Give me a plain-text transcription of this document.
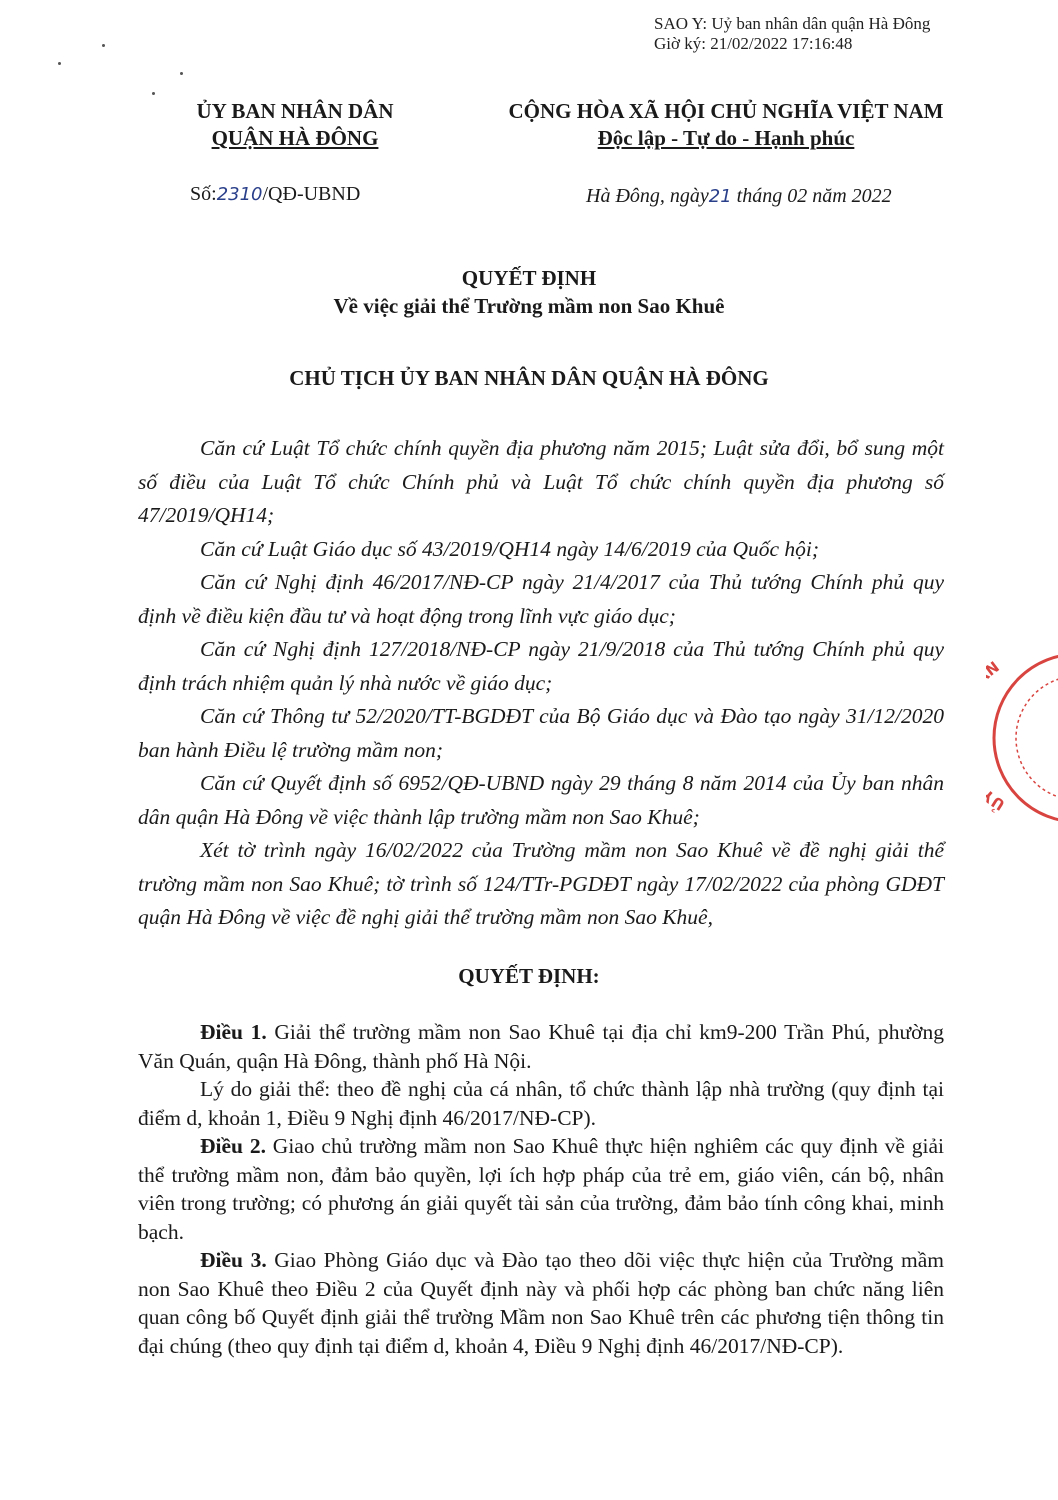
SAO Y: Uỷ ban nhân dân quận Hà Đông
Giờ ký: 21/02/2022 17:16:48
ỦY BAN NHÂN DÂN
QUẬN HÀ ĐÔNG
CỘNG HÒA XÃ HỘI CHỦ NGHĨA VIỆT NAM
Độc lập - Tự do - Hạnh phúc
Số:2310/QĐ-UBND	Hà Đông, ngày21 tháng 02 năm 2022
QUYẾT ĐỊNH
Về việc giải thể Trường mầm non Sao Khuê
CHỦ TỊCH ỦY BAN NHÂN DÂN QUẬN HÀ ĐÔNG

Căn cứ Luật Tổ chức chính quyền địa phương năm 2015; Luật sửa đổi, bổ sung một số điều của Luật Tổ chức Chính phủ và Luật Tổ chức chính quyền địa phương số 47/2019/QH14;

Căn cứ Luật Giáo dục số 43/2019/QH14 ngày 14/6/2019 của Quốc hội;

Căn cứ Nghị định 46/2017/NĐ-CP ngày 21/4/2017 của Thủ tướng Chính phủ quy định về điều kiện đầu tư và hoạt động trong lĩnh vực giáo dục;

Căn cứ Nghị định 127/2018/NĐ-CP ngày 21/9/2018 của Thủ tướng Chính phủ quy định trách nhiệm quản lý nhà nước về giáo dục;

Căn cứ Thông tư 52/2020/TT-BGDĐT của Bộ Giáo dục và Đào tạo ngày 31/12/2020 ban hành Điều lệ trường mầm non;

Căn cứ Quyết định số 6952/QĐ-UBND ngày 29 tháng 8 năm 2014 của Ủy ban nhân dân quận Hà Đông về việc thành lập trường mầm non Sao Khuê;

Xét tờ trình ngày 16/02/2022 của Trường mầm non Sao Khuê về đề nghị giải thể trường mầm non Sao Khuê; tờ trình số 124/TTr-PGDĐT ngày 17/02/2022 của phòng GDĐT quận Hà Đông về việc đề nghị giải thể trường mầm non Sao Khuê,

QUYẾT ĐỊNH:

Điều 1. Giải thể trường mầm non Sao Khuê tại địa chỉ km9-200 Trần Phú, phường Văn Quán, quận Hà Đông, thành phố Hà Nội.

Lý do giải thể: theo đề nghị của cá nhân, tổ chức thành lập nhà trường (quy định tại điểm d, khoản 1, Điều 9 Nghị định 46/2017/NĐ-CP).

Điều 2. Giao chủ trường mầm non Sao Khuê thực hiện nghiêm các quy định về giải thể trường mầm non, đảm bảo quyền, lợi ích hợp pháp của trẻ em, giáo viên, cán bộ, nhân viên trong trường; có phương án giải quyết tài sản của trường, đảm bảo tính công khai, minh bạch.

Điều 3. Giao Phòng Giáo dục và Đào tạo theo dõi việc thực hiện của Trường mầm non Sao Khuê theo Điều 2 của Quyết định này và phối hợp các phòng ban chức năng liên quan công bố Quyết định giải thể trường Mầm non Sao Khuê trên các phương tiện thông tin đại chúng (theo quy định tại điểm d, khoản 4, Điều 9 Nghị định 46/2017/NĐ-CP).

Ủ
